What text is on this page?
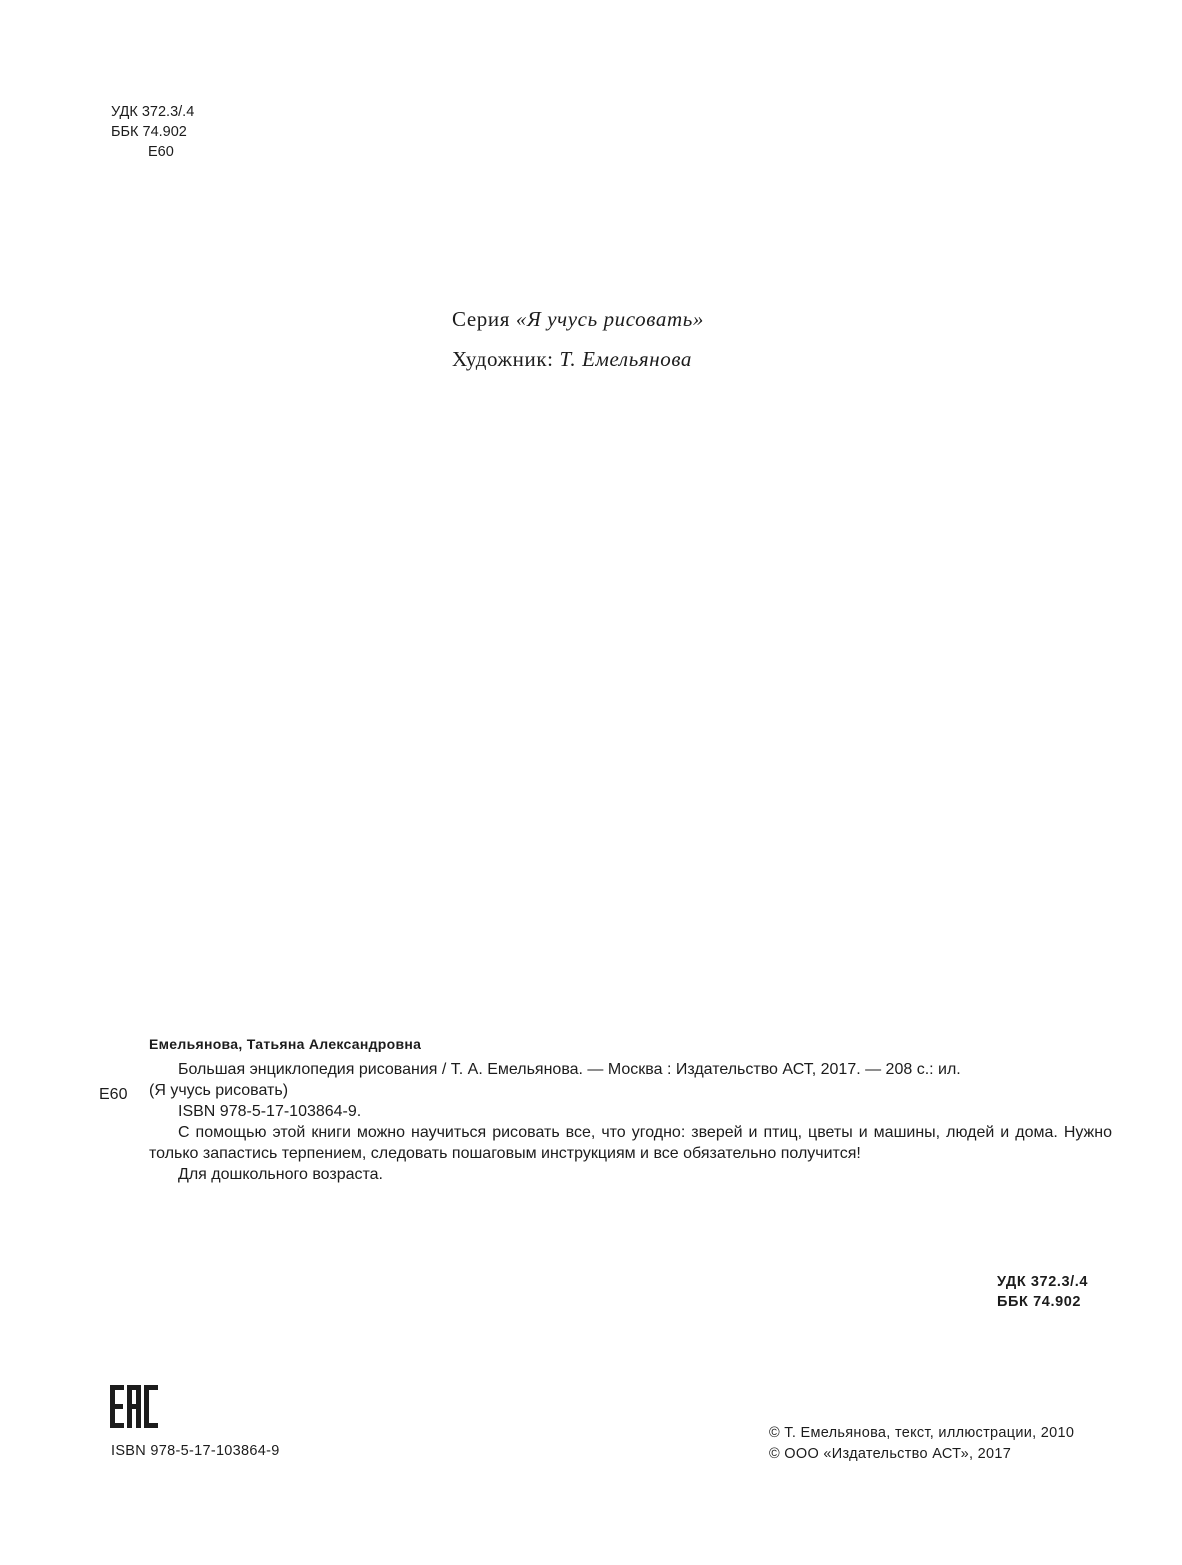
УДК 372.3/.4
ББК 74.902
Е60
Серия «Я учусь рисовать»
Художник: Т. Емельянова
Е60
Емельянова, Татьяна Александровна

Большая энциклопедия рисования / Т. А. Емельянова. — Москва : Издательство АСТ, 2017. — 208 с.: ил.
(Я учусь рисовать)

ISBN 978-5-17-103864-9.

С помощью этой книги можно научиться рисовать все, что угодно: зверей и птиц, цветы и машины, людей и дома. Нужно только запастись терпением, следовать пошаговым инструкциям и все обязательно получится!

Для дошкольного возраста.

УДК 372.3/.4
ББК 74.902
ISBN 978-5-17-103864-9
© Т. Емельянова, текст, иллюстрации, 2010
© ООО «Издательство АСТ», 2017
